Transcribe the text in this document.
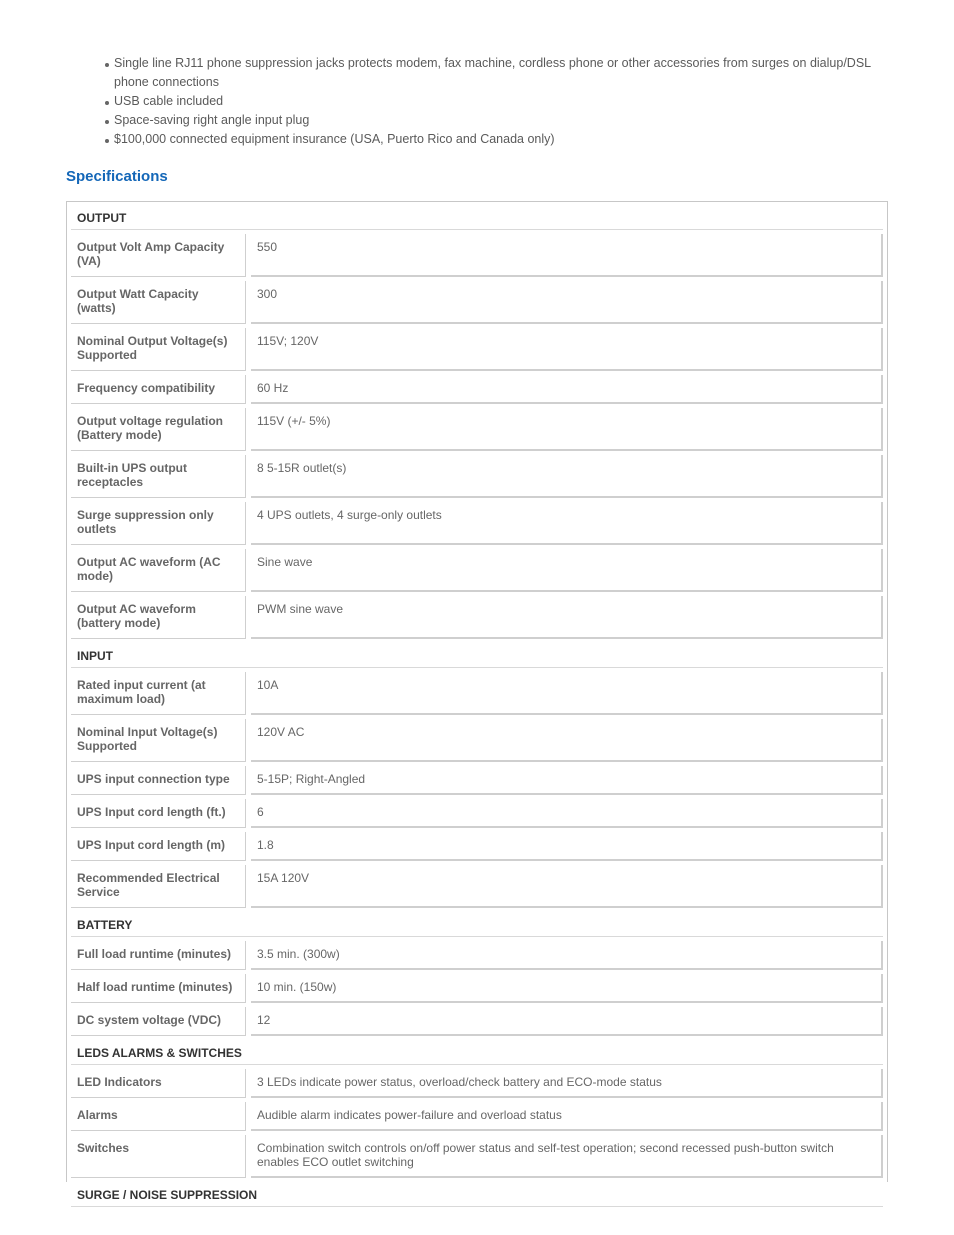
Single line RJ11 phone suppression jacks protects modem, fax machine, cordless phone or other accessories from surges on dialup/DSL phone connections
USB cable included
Space-saving right angle input plug
$100,000 connected equipment insurance (USA, Puerto Rico and Canada only)
Specifications
OUTPUT	
Output Volt Amp Capacity (VA)	550
Output Watt Capacity (watts)	300
Nominal Output Voltage(s) Supported	115V; 120V
Frequency compatibility	60 Hz
Output voltage regulation (Battery mode)	115V (+/- 5%)
Built-in UPS output receptacles	8 5-15R outlet(s)
Surge suppression only outlets	4 UPS outlets, 4 surge-only outlets
Output AC waveform (AC mode)	Sine wave
Output AC waveform (battery mode)	PWM sine wave
INPUT	
Rated input current (at maximum load)	10A
Nominal Input Voltage(s) Supported	120V AC
UPS input connection type	5-15P; Right-Angled
UPS Input cord length (ft.)	6
UPS Input cord length (m)	1.8
Recommended Electrical Service	15A 120V
BATTERY	
Full load runtime (minutes)	3.5 min. (300w)
Half load runtime (minutes)	10 min. (150w)
DC system voltage (VDC)	12
LEDS ALARMS & SWITCHES	
LED Indicators	3 LEDs indicate power status, overload/check battery and ECO-mode status
Alarms	Audible alarm indicates power-failure and overload status
Switches	Combination switch controls on/off power status and self-test operation; second recessed push-button switch enables ECO outlet switching
SURGE / NOISE SUPPRESSION	
